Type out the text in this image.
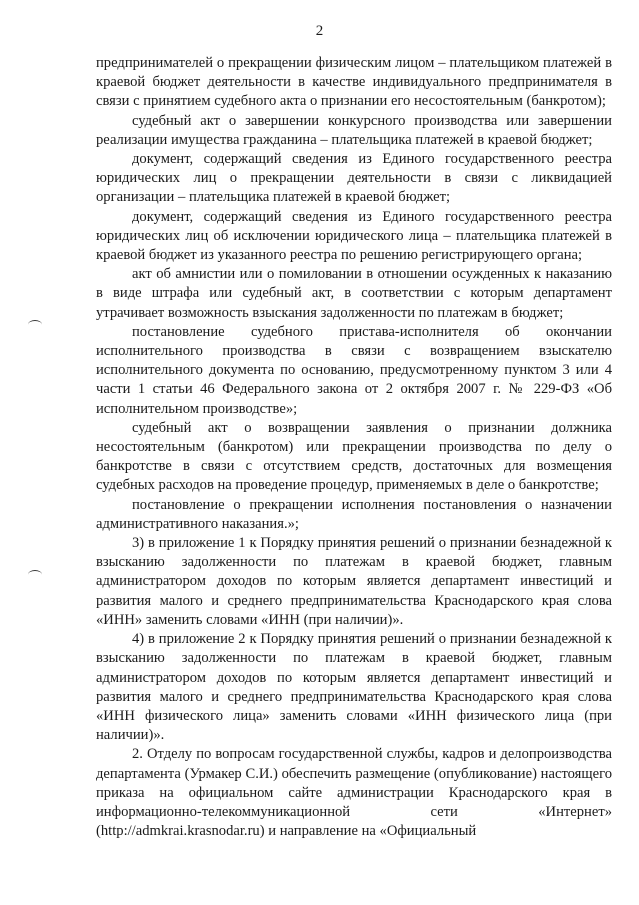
2

предпринимателей о прекращении физическим лицом – плательщиком платежей в краевой бюджет деятельности в качестве индивидуального предпринимателя в связи с принятием судебного акта о признании его несостоятельным (банкротом);

судебный акт о завершении конкурсного производства или завершении реализации имущества гражданина – плательщика платежей в краевой бюджет;

документ, содержащий сведения из Единого государственного реестра юридических лиц о прекращении деятельности в связи с ликвидацией организации – плательщика платежей в краевой бюджет;

документ, содержащий сведения из Единого государственного реестра юридических лиц об исключении юридического лица – плательщика платежей в краевой бюджет из указанного реестра по решению регистрирующего органа;

акт об амнистии или о помиловании в отношении осужденных к наказанию в виде штрафа или судебный акт, в соответствии с которым департамент утрачивает возможность взыскания задолженности по платежам в бюджет;

постановление судебного пристава-исполнителя об окончании исполнительного производства в связи с возвращением взыскателю исполнительного документа по основанию, предусмотренному пунктом 3 или 4 части 1 статьи 46 Федерального закона от 2 октября 2007 г. № 229-ФЗ «Об исполнительном производстве»;

судебный акт о возвращении заявления о признании должника несостоятельным (банкротом) или прекращении производства по делу о банкротстве в связи с отсутствием средств, достаточных для возмещения судебных расходов на проведение процедур, применяемых в деле о банкротстве;

постановление о прекращении исполнения постановления о назначении административного наказания.»;

3) в приложение 1 к Порядку принятия решений о признании безнадежной к взысканию задолженности по платежам в краевой бюджет, главным администратором доходов по которым является департамент инвестиций и развития малого и среднего предпринимательства Краснодарского края слова «ИНН» заменить словами «ИНН (при наличии)».

4) в приложение 2 к Порядку принятия решений о признании безнадежной к взысканию задолженности по платежам в краевой бюджет, главным администратором доходов по которым является департамент инвестиций и развития малого и среднего предпринимательства Краснодарского края слова «ИНН физического лица» заменить словами «ИНН физического лица (при наличии)».

2. Отделу по вопросам государственной службы, кадров и делопроизводства департамента (Урмакер С.И.) обеспечить размещение (опубликование) настоящего приказа на официальном сайте администрации Краснодарского края в информационно-телекоммуникационной сети «Интернет» (http://admkrai.krasnodar.ru) и направление на «Официальный
